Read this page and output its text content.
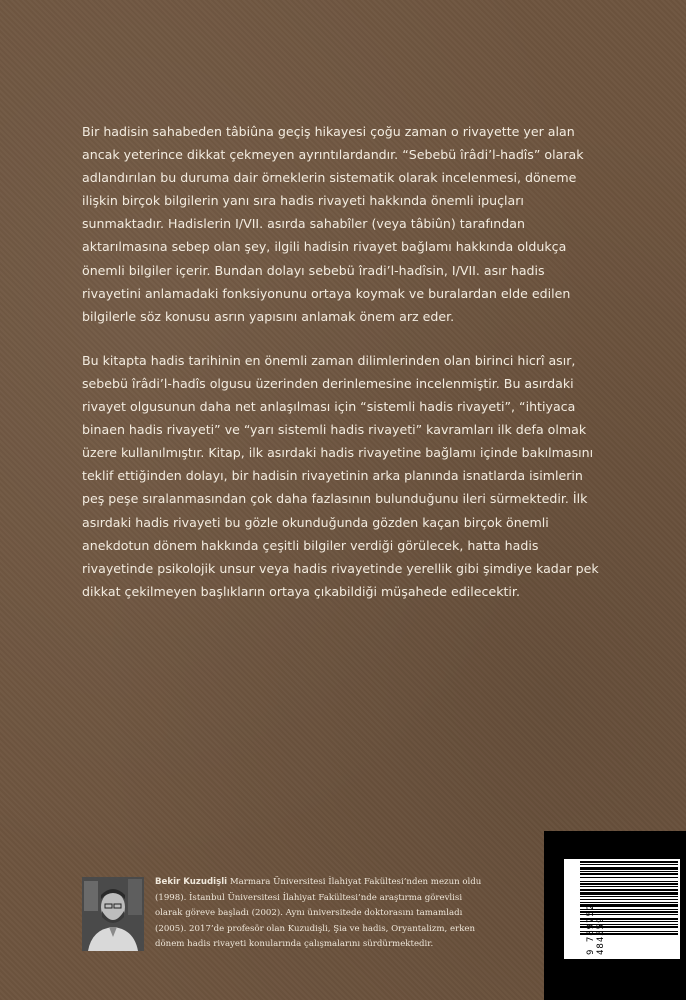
Bir hadisin sahabeden tâbiûna geçiş hikayesi çoğu zaman o rivayette yer alan ancak yeterince dikkat çekmeyen ayrıntılardandır. “Sebebü îrâdi’l-hadîs” olarak adlandırılan bu duruma dair örneklerin sistematik olarak incelenmesi, döneme ilişkin birçok bilgilerin yanı sıra hadis rivayeti hakkında önemli ipuçları sunmaktadır. Hadislerin I/VII. asırda sahabîler (veya tâbiûn) tarafından aktarılmasına sebep olan şey, ilgili hadisin rivayet bağlamı hakkında oldukça önemli bilgiler içerir. Bundan dolayı sebebü îradi’l-hadîsin, I/VII. asır hadis rivayetini anlamadaki fonksiyonunu ortaya koymak ve buralardan elde edilen bilgilerle söz konusu asrın yapısını anlamak önem arz eder.

Bu kitapta hadis tarihinin en önemli zaman dilimlerinden olan birinci hicrî asır, sebebü îrâdi’l-hadîs olgusu üzerinden derinlemesine incelenmiştir. Bu asırdaki rivayet olgusunun daha net anlaşılması için “sistemli hadis rivayeti”, “ihtiyaca binaen hadis rivayeti” ve “yarı sistemli hadis rivayeti” kavramları ilk defa olmak üzere kullanılmıştır. Kitap, ilk asırdaki hadis rivayetine bağlamı içinde bakılmasını teklif ettiğinden dolayı, bir hadisin rivayetinin arka planında isnatlarda isimlerin peş peşe sıralanmasından çok daha fazlasının bulunduğunu ileri sürmektedir. İlk asırdaki hadis rivayeti bu gözle okunduğunda gözden kaçan birçok önemli anekdotun dönem hakkında çeşitli bilgiler verdiği görülecek, hatta hadis rivayetinde psikolojik unsur veya hadis rivayetinde yerellik gibi şimdiye kadar pek dikkat çekilmeyen başlıkların ortaya çıkabildiği müşahede edilecektir.

Bekir Kuzudişli Marmara Üniversitesi İlahiyat Fakültesi’nden mezun oldu (1998). İstanbul Üniversitesi İlahiyat Fakültesi’nde araştırma görevlisi olarak göreve başladı (2002). Aynı üniversitede doktorasını tamamladı (2005). 2017’de profesör olan Kuzudişli, Şia ve hadis, Oryantalizm, erken dönem hadis rivayeti konularında çalışmalarını sürdürmektedir.	9 789752 484559
